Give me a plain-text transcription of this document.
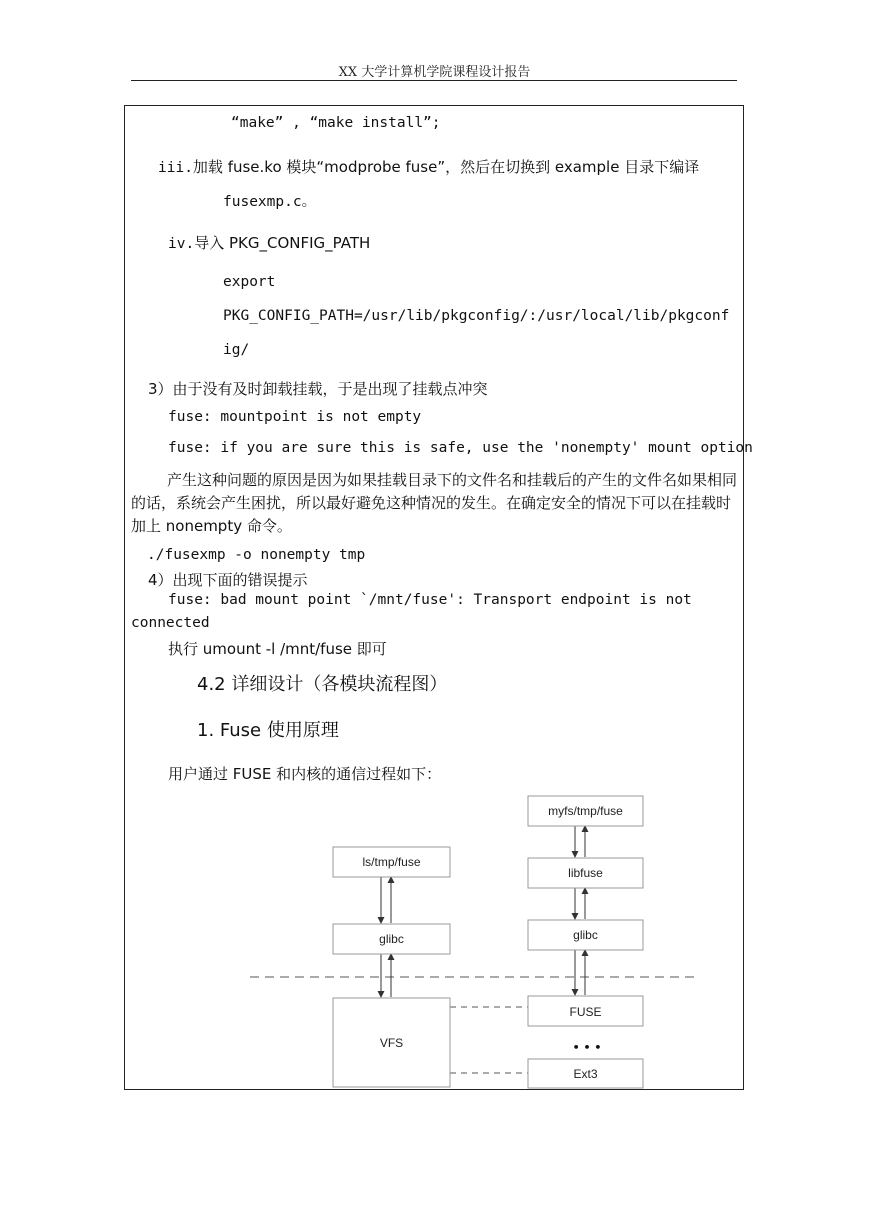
XX 大学计算机学院课程设计报告
“make” , “make install”;
iii.加载 fuse.ko 模块“modprobe fuse”，然后在切换到 example 目录下编译
fusexmp.c。
iv.导入 PKG_CONFIG_PATH
export
PKG_CONFIG_PATH=/usr/lib/pkgconfig/:/usr/local/lib/pkgconf
ig/
3）由于没有及时卸载挂载，于是出现了挂载点冲突
fuse: mountpoint is not empty
fuse: if you are sure this is safe, use the 'nonempty' mount option
产生这种问题的原因是因为如果挂载目录下的文件名和挂载后的产生的文件名如果相同的话，系统会产生困扰，所以最好避免这种情况的发生。在确定安全的情况下可以在挂载时加上 nonempty 命令。
./fusexmp -o nonempty tmp
4）出现下面的错误提示
fuse: bad mount point `/mnt/fuse': Transport endpoint is not
connected
执行 umount -l /mnt/fuse 即可
4.2 详细设计（各模块流程图）
1. Fuse 使用原理
用户通过 FUSE 和内核的通信过程如下：
ls/tmp/fuse
glibc
VFS
myfs/tmp/fuse
libfuse
glibc
FUSE
• • •
Ext3
